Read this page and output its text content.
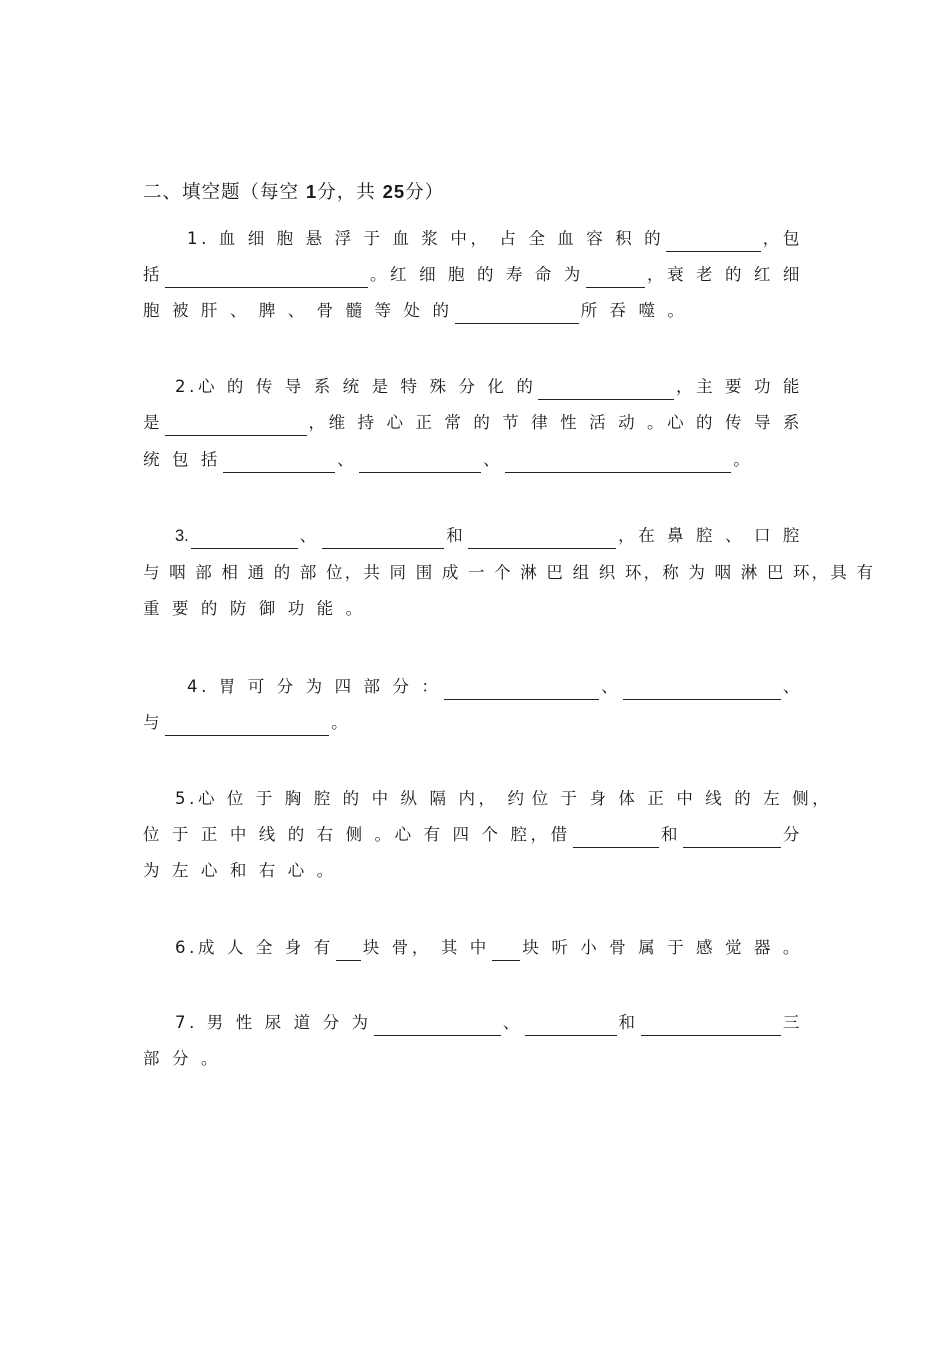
二、填空题（每空 1分，共 25分）
1. 血 细 胞 悬 浮 于 血 浆 中， 占 全 血 容 积 的	， 包
括	。红 细 胞 的 寿 命 为	，衰 老 的 红 细
胞 被 肝 、 脾 、 骨 髓 等 处 的	所 吞 噬 。
2.心 的 传 导 系 统 是 特 殊 分 化 的	， 主 要 功 能
是	，维 持 心 正 常 的 节 律 性 活 动 。心 的 传 导 系
统 包 括	、	、	。
3.	、	和	，在 鼻 腔 、 口 腔
与 咽 部 相 通 的 部 位，共 同 围 成 一 个 淋 巴 组 织 环，称 为 咽 淋 巴 环，具 有
重 要 的 防 御 功 能 。
4. 胃 可 分 为 四 部 分 ：	、	、
与	。
5.心 位 于 胸 腔 的 中 纵 隔 内， 约 位 于 身 体 正 中 线 的 左 侧，
位 于 正 中 线 的 右 侧 。心 有 四 个 腔，借	和	分
为 左 心 和 右 心 。
6.成 人 全 身 有 块 骨， 其 中 块 听 小 骨 属 于 感 觉 器 。
7. 男 性 尿 道 分 为	、	和	三
部 分 。
